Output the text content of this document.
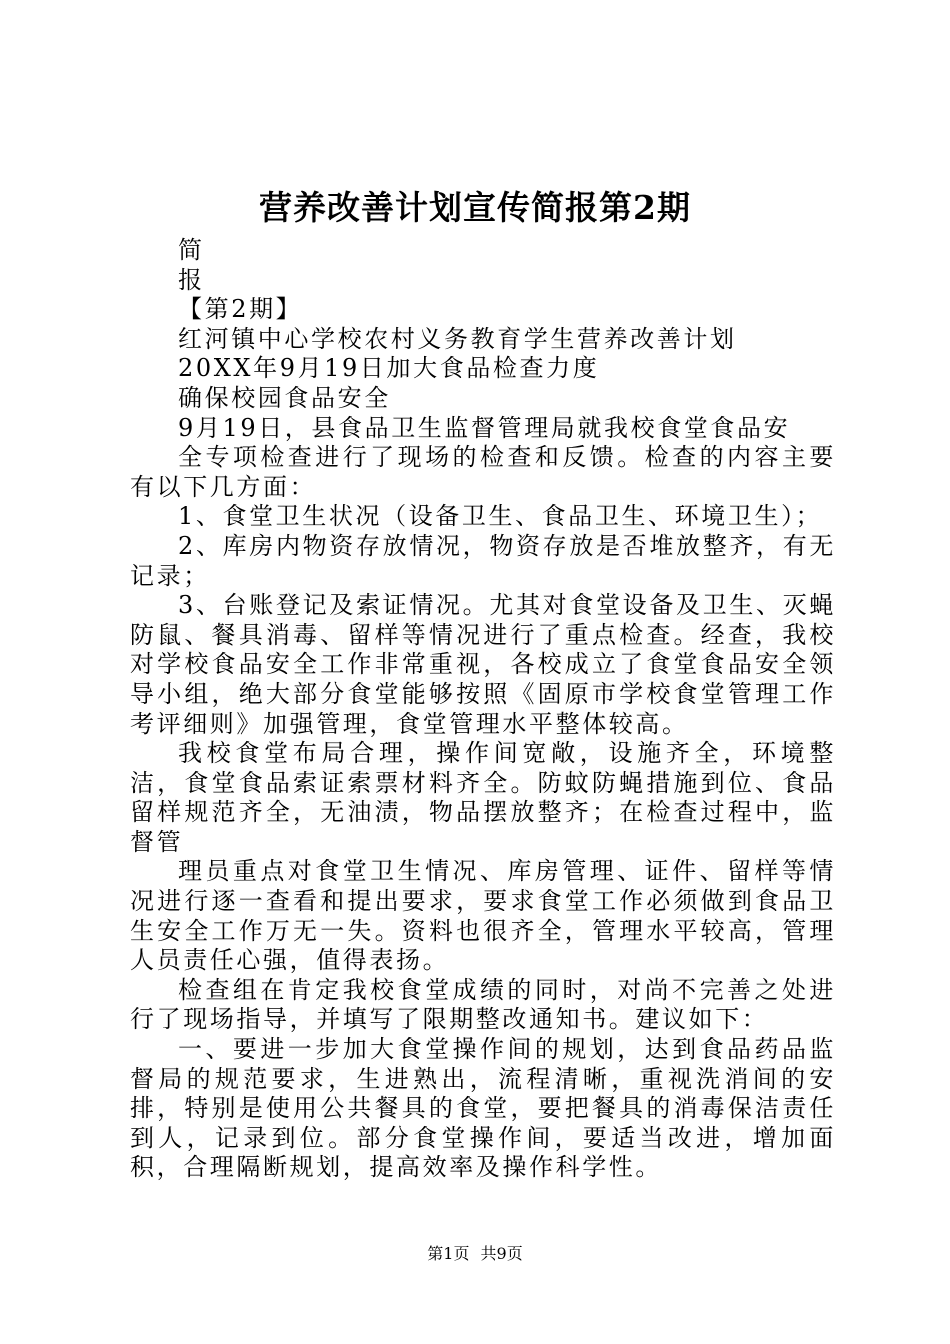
营养改善计划宣传简报第2期

简

报

【第2期】

红河镇中心学校农村义务教育学生营养改善计划

20XX年9月19日加大食品检查力度

确保校园食品安全

9月19日，县食品卫生监督管理局就我校食堂食品安

全专项检查进行了现场的检查和反馈。检查的内容主要有以下几方面：

1、食堂卫生状况（设备卫生、食品卫生、环境卫生）；

2、库房内物资存放情况，物资存放是否堆放整齐，有无记录；

3、台账登记及索证情况。尤其对食堂设备及卫生、灭蝇防鼠、餐具消毒、留样等情况进行了重点检查。经查，我校对学校食品安全工作非常重视，各校成立了食堂食品安全领导小组，绝大部分食堂能够按照《固原市学校食堂管理工作考评细则》加强管理，食堂管理水平整体较高。

我校食堂布局合理，操作间宽敞，设施齐全，环境整洁，食堂食品索证索票材料齐全。防蚊防蝇措施到位、食品留样规范齐全，无油渍，物品摆放整齐；在检查过程中，监督管

理员重点对食堂卫生情况、库房管理、证件、留样等情况进行逐一查看和提出要求，要求食堂工作必须做到食品卫生安全工作万无一失。资料也很齐全，管理水平较高，管理人员责任心强，值得表扬。

检查组在肯定我校食堂成绩的同时，对尚不完善之处进行了现场指导，并填写了限期整改通知书。建议如下：

一、要进一步加大食堂操作间的规划，达到食品药品监督局的规范要求，生进熟出，流程清晰，重视洗消间的安排，特别是使用公共餐具的食堂，要把餐具的消毒保洁责任到人，记录到位。部分食堂操作间，要适当改进，增加面积，合理隔断规划，提高效率及操作科学性。

第1页 共9页
